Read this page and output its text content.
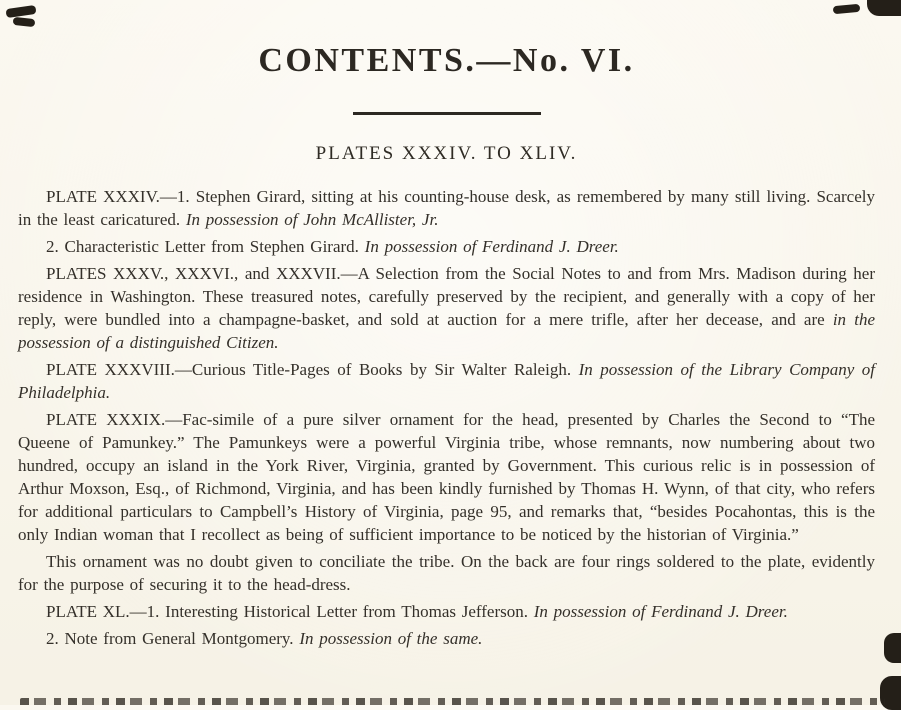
CONTENTS.—No. VI.
PLATES XXXIV. TO XLIV.

PLATE XXXIV.—1. Stephen Girard, sitting at his counting-house desk, as remembered by many still living. Scarcely in the least caricatured. In possession of John McAllister, Jr.

2. Characteristic Letter from Stephen Girard. In possession of Ferdinand J. Dreer.

PLATES XXXV., XXXVI., and XXXVII.—A Selection from the Social Notes to and from Mrs. Madison during her residence in Washington. These treasured notes, carefully preserved by the recipient, and generally with a copy of her reply, were bundled into a champagne-basket, and sold at auction for a mere trifle, after her decease, and are in the possession of a distinguished Citizen.

PLATE XXXVIII.—Curious Title-Pages of Books by Sir Walter Raleigh. In possession of the Library Company of Philadelphia.

PLATE XXXIX.—Fac-simile of a pure silver ornament for the head, presented by Charles the Second to “The Queene of Pamunkey.” The Pamunkeys were a powerful Virginia tribe, whose remnants, now numbering about two hundred, occupy an island in the York River, Virginia, granted by Government. This curious relic is in possession of Arthur Moxson, Esq., of Richmond, Virginia, and has been kindly furnished by Thomas H. Wynn, of that city, who refers for additional particulars to Campbell’s History of Virginia, page 95, and remarks that, “besides Pocahontas, this is the only Indian woman that I recollect as being of sufficient importance to be noticed by the historian of Virginia.”

This ornament was no doubt given to conciliate the tribe. On the back are four rings soldered to the plate, evidently for the purpose of securing it to the head-dress.

PLATE XL.—1. Interesting Historical Letter from Thomas Jefferson. In possession of Ferdinand J. Dreer.

2. Note from General Montgomery. In possession of the same.
